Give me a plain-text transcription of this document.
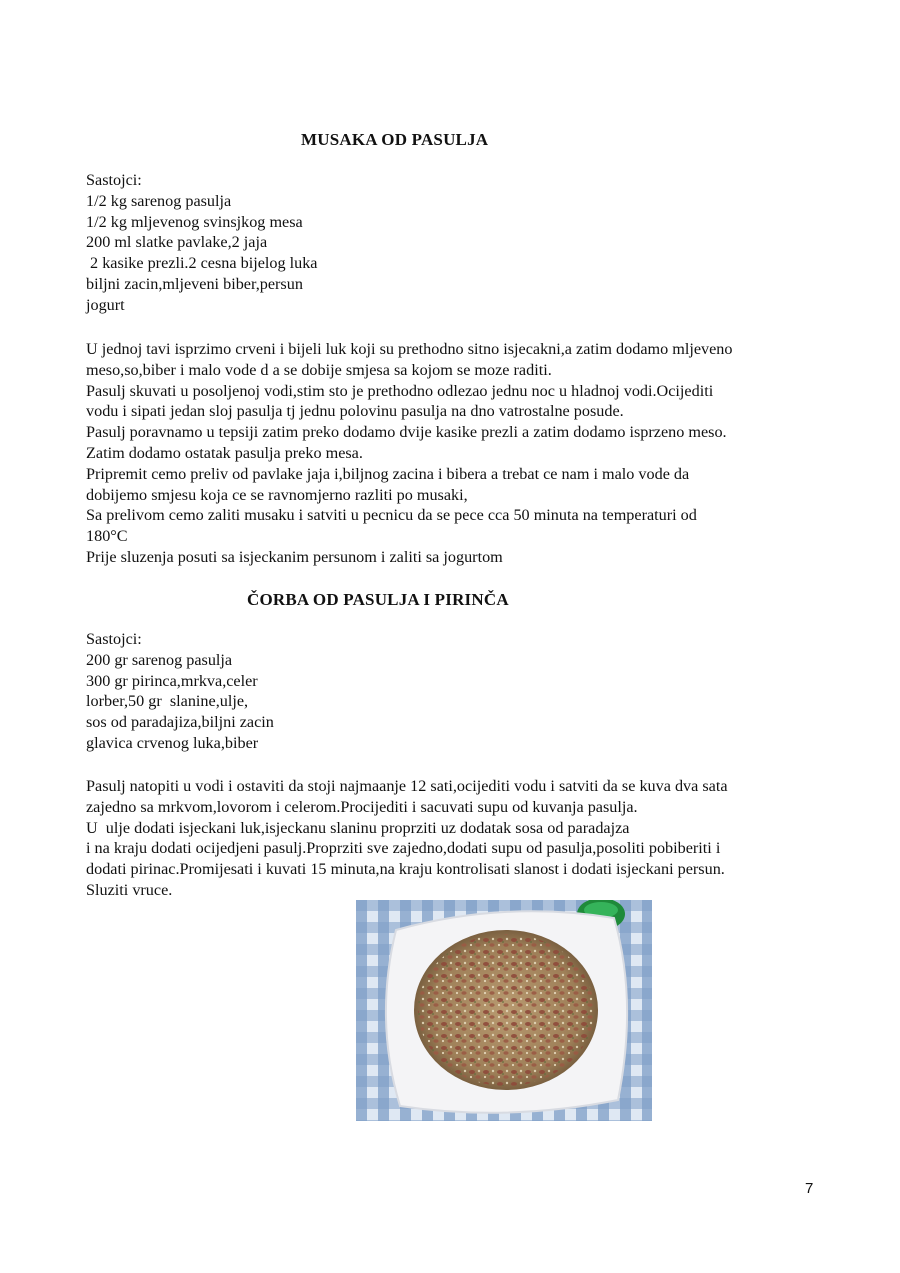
MUSAKA OD PASULJA
Sastojci:
1/2 kg sarenog pasulja
1/2 kg mljevenog svinsjkog mesa
200 ml slatke pavlake,2 jaja
2 kasike prezli.2 cesna bijelog luka
biljni zacin,mljeveni biber,persun
jogurt
U jednoj tavi isprzimo crveni i bijeli luk koji su prethodno sitno isjecakni,a zatim dodamo mljeveno
meso,so,biber i malo vode d a se dobije smjesa sa kojom se moze raditi.
Pasulj skuvati u posoljenoj vodi,stim sto je prethodno odlezao jednu noc u hladnoj vodi.Ocijediti
vodu i sipati jedan sloj pasulja tj jednu polovinu pasulja na dno vatrostalne posude.
Pasulj poravnamo u tepsiji zatim preko dodamo dvije kasike prezli a zatim dodamo isprzeno meso.
Zatim dodamo ostatak pasulja preko mesa.
Pripremit cemo preliv od pavlake jaja i,biljnog zacina i bibera a trebat ce nam i malo vode da
dobijemo smjesu koja ce se ravnomjerno razliti po musaki,
Sa prelivom cemo zaliti musaku i satviti u pecnicu da se pece cca 50 minuta na temperaturi od
180°C
Prije sluzenja posuti sa isjeckanim persunom i zaliti sa jogurtom
ČORBA OD PASULJA I PIRINČA
Sastojci:
200 gr sarenog pasulja
300 gr pirinca,mrkva,celer
lorber,50 gr  slanine,ulje,
sos od paradajiza,biljni zacin
glavica crvenog luka,biber
Pasulj natopiti u vodi i ostaviti da stoji najmaanje 12 sati,ocijediti vodu i satviti da se kuva dva sata
zajedno sa mrkvom,lovorom i celerom.Procijediti i sacuvati supu od kuvanja pasulja.
U  ulje dodati isjeckani luk,isjeckanu slaninu proprziti uz dodatak sosa od paradajza
i na kraju dodati ocijedjeni pasulj.Proprziti sve zajedno,dodati supu od pasulja,posoliti pobiberiti i
dodati pirinac.Promijesati i kuvati 15 minuta,na kraju kontrolisati slanost i dodati isjeckani persun.
Sluziti vruce.
7
